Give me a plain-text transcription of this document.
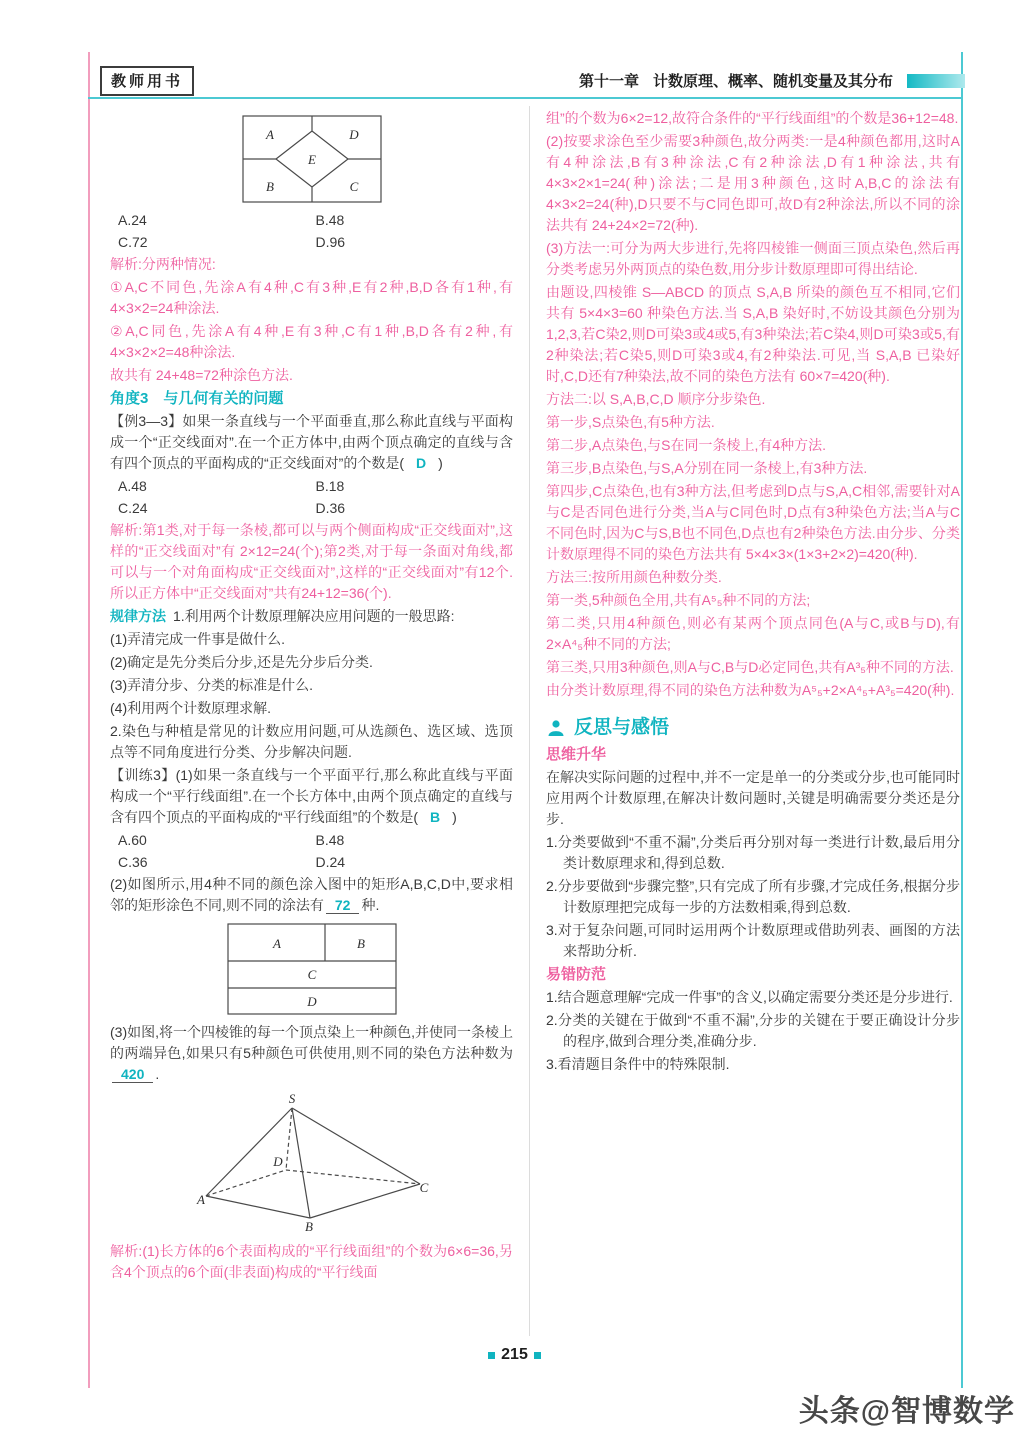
教师用书	第十一章 计数原理、概率、随机变量及其分布
A	D
E
B	C
A.24	B.48
C.72	D.96

解析:分两种情况:

①A,C不同色,先涂A有4种,C有3种,E有2种,B,D各有1种,有4×3×2=24种涂法.

②A,C同色,先涂A有4种,E有3种,C有1种,B,D各有2种,有4×3×2×2=48种涂法.

故共有 24+48=72种涂色方法.

角度3　与几何有关的问题

【例3—3】如果一条直线与一个平面垂直,那么称此直线与平面构成一个“正交线面对”.在一个正方体中,由两个顶点确定的直线与含有四个顶点的平面构成的“正交线面对”的个数是( D )

A.48	B.18
C.24	D.36

解析:第1类,对于每一条棱,都可以与两个侧面构成“正交线面对”,这样的“正交线面对”有 2×12=24(个);第2类,对于每一条面对角线,都可以与一个对角面构成“正交线面对”,这样的“正交线面对”有12个.所以正方体中“正交线面对”共有24+12=36(个).

规律方法 1.利用两个计数原理解决应用问题的一般思路:

(1)弄清完成一件事是做什么.

(2)确定是先分类后分步,还是先分步后分类.

(3)弄清分步、分类的标准是什么.

(4)利用两个计数原理求解.

2.染色与种植是常见的计数应用问题,可从选颜色、选区域、选顶点等不同角度进行分类、分步解决问题.

【训练3】(1)如果一条直线与一个平面平行,那么称此直线与平面构成一个“平行线面组”.在一个长方体中,由两个顶点确定的直线与含有四个顶点的平面构成的“平行线面组”的个数是( B )

A.60	B.48
C.36	D.24

(2)如图所示,用4种不同的颜色涂入图中的矩形A,B,C,D中,要求相邻的矩形涂色不同,则不同的涂法有 72 种.

A	B
C
D

(3)如图,将一个四棱锥的每一个顶点染上一种颜色,并使同一条棱上的两端异色,如果只有5种颜色可供使用,则不同的染色方法种数为420 .

S
A
B
C
D

解析:(1)长方体的6个表面构成的“平行线面组”的个数为6×6=36,另含4个顶点的6个面(非表面)构成的“平行线面

组”的个数为6×2=12,故符合条件的“平行线面组”的个数是36+12=48.

(2)按要求涂色至少需要3种颜色,故分两类:一是4种颜色都用,这时A有4种涂法,B有3种涂法,C有2种涂法,D有1种涂法,共有 4×3×2×1=24(种)涂法;二是用3种颜色,这时A,B,C的涂法有4×3×2=24(种),D只要不与C同色即可,故D有2种涂法,所以不同的涂法共有 24+24×2=72(种).

(3)方法一:可分为两大步进行,先将四棱锥一侧面三顶点染色,然后再分类考虑另外两顶点的染色数,用分步计数原理即可得出结论.

由题设,四棱锥 S—ABCD 的顶点 S,A,B 所染的颜色互不相同,它们共有 5×4×3=60 种染色方法.当 S,A,B 染好时,不妨设其颜色分别为1,2,3,若C染2,则D可染3或4或5,有3种染法;若C染4,则D可染3或5,有2种染法;若C染5,则D可染3或4,有2种染法.可见,当 S,A,B 已染好时,C,D还有7种染法,故不同的染色方法有 60×7=420(种).

方法二:以 S,A,B,C,D 顺序分步染色.

第一步,S点染色,有5种方法.

第二步,A点染色,与S在同一条棱上,有4种方法.

第三步,B点染色,与S,A分别在同一条棱上,有3种方法.

第四步,C点染色,也有3种方法,但考虑到D点与S,A,C相邻,需要针对A与C是否同色进行分类,当A与C同色时,D点有3种染色方法;当A与C不同色时,因为C与S,B也不同色,D点也有2种染色方法.由分步、分类计数原理得不同的染色方法共有 5×4×3×(1×3+2×2)=420(种).

方法三:按所用颜色种数分类.

第一类,5种颜色全用,共有A⁵₅种不同的方法;

第二类,只用4种颜色,则必有某两个顶点同色(A与C,或B与D),有2×A⁴₅种不同的方法;

第三类,只用3种颜色,则A与C,B与D必定同色,共有A³₅种不同的方法.

由分类计数原理,得不同的染色方法种数为A⁵₅+2×A⁴₅+A³₅=420(种).

反思与感悟

思维升华

在解决实际问题的过程中,并不一定是单一的分类或分步,也可能同时应用两个计数原理,在解决计数问题时,关键是明确需要分类还是分步.

1.分类要做到“不重不漏”,分类后再分别对每一类进行计数,最后用分类计数原理求和,得到总数.

2.分步要做到“步骤完整”,只有完成了所有步骤,才完成任务,根据分步计数原理把完成每一步的方法数相乘,得到总数.

3.对于复杂问题,可同时运用两个计数原理或借助列表、画图的方法来帮助分析.

易错防范

1.结合题意理解“完成一件事”的含义,以确定需要分类还是分步进行.

2.分类的关键在于做到“不重不漏”,分步的关键在于要正确设计分步的程序,做到合理分类,准确分步.

3.看清题目条件中的特殊限制.

215
头条@智博数学
